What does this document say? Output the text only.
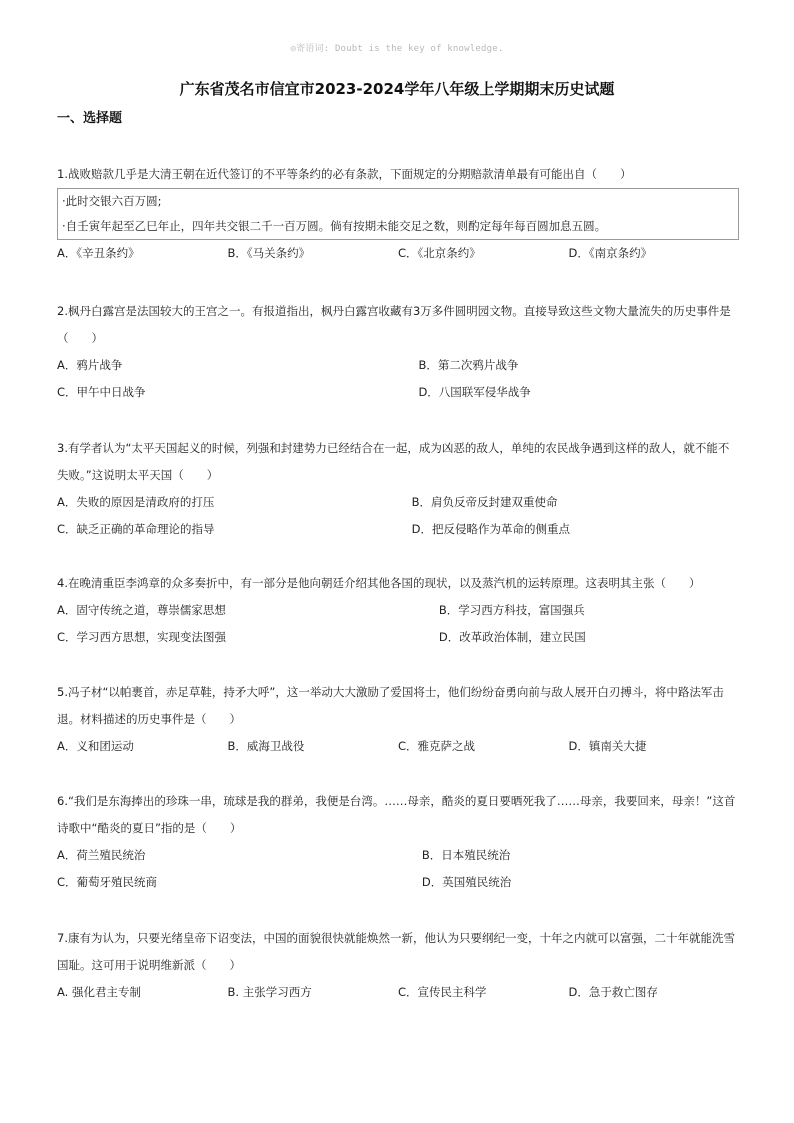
◎寄语词: Doubt is the key of knowledge.
广东省茂名市信宜市2023-2024学年八年级上学期期末历史试题
一、选择题

1.战败赔款几乎是大清王朝在近代签订的不平等条约的必有条款，下面规定的分期赔款清单最有可能出自（　　）

·此时交银六百万圆;
·自壬寅年起至乙巳年止，四年共交银二千一百万圆。倘有按期未能交足之数，则酌定每年每百圆加息五圆。
A．《辛丑条约》	B．《马关条约》	C．《北京条约》	D．《南京条约》

2.枫丹白露宫是法国较大的王宫之一。有报道指出，枫丹白露宫收藏有3万多件圆明园文物。直接导致这些文物大量流失的历史事件是（　　）

A．鸦片战争	B．第二次鸦片战争
C．甲午中日战争	D．八国联军侵华战争

3.有学者认为“太平天国起义的时候，列强和封建势力已经结合在一起，成为凶恶的敌人，单纯的农民战争遇到这样的敌人，就不能不失败。”这说明太平天国（　　）

A．失败的原因是清政府的打压	B．肩负反帝反封建双重使命
C．缺乏正确的革命理论的指导	D．把反侵略作为革命的侧重点

4.在晚清重臣李鸿章的众多奏折中，有一部分是他向朝廷介绍其他各国的现状，以及蒸汽机的运转原理。这表明其主张（　　）

A．固守传统之道，尊崇儒家思想	B．学习西方科技，富国强兵
C．学习西方思想，实现变法图强	D．改革政治体制，建立民国

5.冯子材“以帕裹首，赤足草鞋，持矛大呼”，这一举动大大激励了爱国将士，他们纷纷奋勇向前与敌人展开白刃搏斗，将中路法军击退。材料描述的历史事件是（　　）

A．义和团运动	B．威海卫战役	C．雅克萨之战	D．镇南关大捷

6.“我们是东海捧出的珍珠一串，琉球是我的群弟，我便是台湾。……母亲，酷炎的夏日要晒死我了……母亲，我要回来，母亲！”这首诗歌中“酷炎的夏日”指的是（　　）

A．荷兰殖民统治	B．日本殖民统治
C．葡萄牙殖民统商	D．英国殖民统治

7.康有为认为，只要光绪皇帝下诏变法，中国的面貌很快就能焕然一新，他认为只要纲纪一变，十年之内就可以富强，二十年就能洗雪国耻。这可用于说明维新派（　　）

A. 强化君主专制	B. 主张学习西方	C．宣传民主科学	D．急于救亡图存
